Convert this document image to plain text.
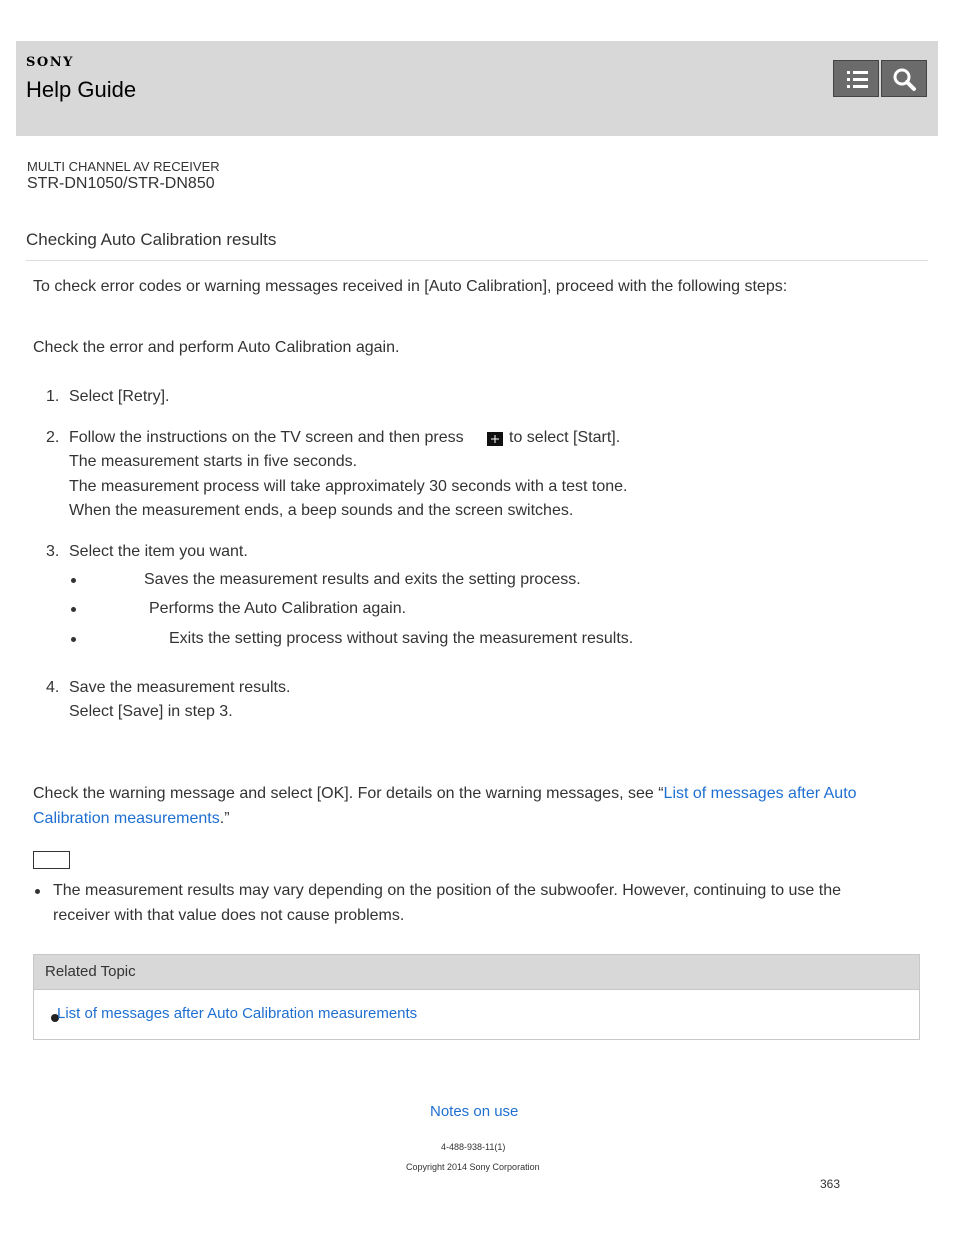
SONY
Help Guide
MULTI CHANNEL AV RECEIVER
STR-DN1050/STR-DN850
Checking Auto Calibration results
To check error codes or warning messages received in [Auto Calibration], proceed with the following steps:
Check the error and perform Auto Calibration again.
1. Select [Retry].
2. Follow the instructions on the TV screen and then press	to select [Start].
The measurement starts in five seconds.
The measurement process will take approximately 30 seconds with a test tone.
When the measurement ends, a beep sounds and the screen switches.
3. Select the item you want.
Saves the measurement results and exits the setting process.
Performs the Auto Calibration again.
Exits the setting process without saving the measurement results.
4. Save the measurement results.
Select [Save] in step 3.
Check the warning message and select [OK]. For details on the warning messages, see “List of messages after Auto
Calibration measurements.”
The measurement results may vary depending on the position of the subwoofer. However, continuing to use the
receiver with that value does not cause problems.
Related Topic
List of messages after Auto Calibration measurements
Notes on use
4-488-938-11(1)
Copyright 2014 Sony Corporation
363
